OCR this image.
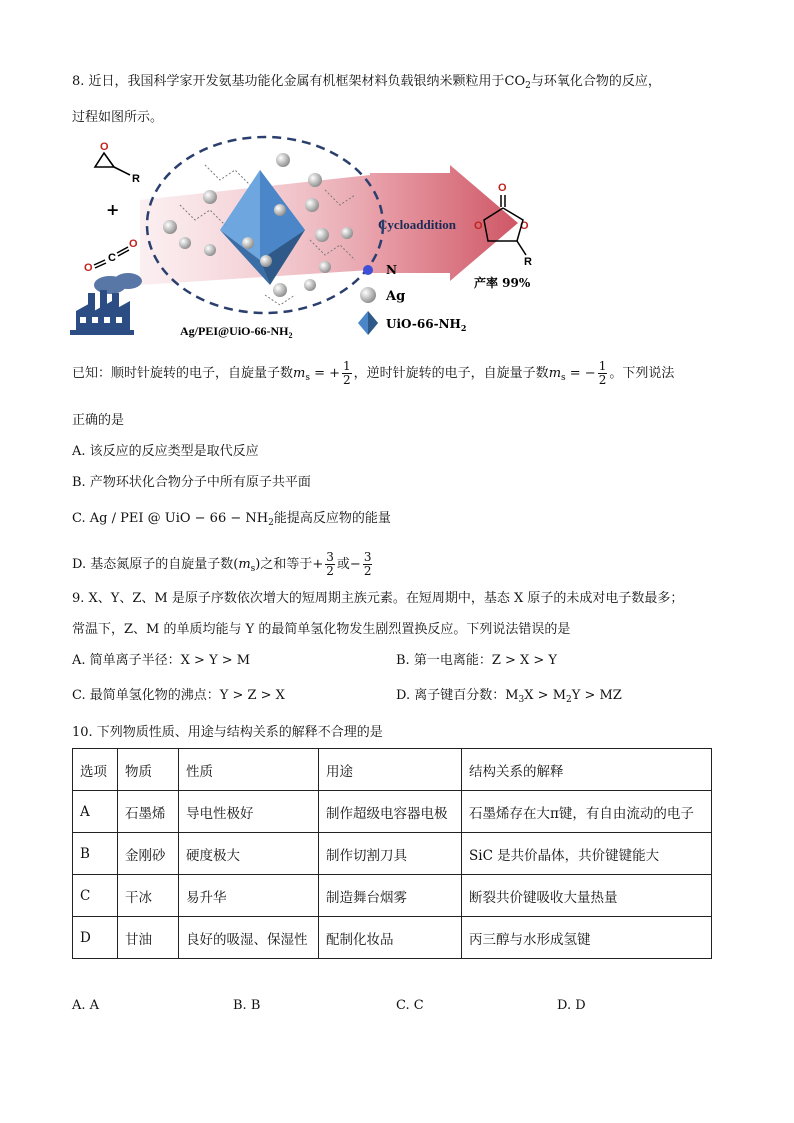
8. 近日，我国科学家开发氨基功能化金属有机框架材料负载银纳米颗粒用于$CO_2$与环氧化合物的反应，
过程如图所示。
Cycloaddition
O
R
+
O
C
O
$Ag/PEI@UiO-66-NH_2$
N
Ag
UiO-$66-NH_2$
O
O	O
R
产率 99%
已知：顺时针旋转的电子，自旋量子数$m_s$ = + $\frac{1}{2}$ ，逆时针旋转的电子，自旋量子数$m_s$ = − $\frac{1}{2}$ 。下列说法
正确的是
A. 该反应的反应类型是取代反应
B. 产物环状化合物分子中所有原子共平面
C. Ag / PEI @ UiO − $66 - NH_2$能提高反应物的能量
D. 基态氮原子的自旋量子数$(m_s)$之和等于+ $\frac{3}{2}$ 或− $\frac{3}{2}$
9. X、Y、Z、M 是原子序数依次增大的短周期主族元素。在短周期中，基态 X 原子的未成对电子数最多；
常温下，Z、M 的单质均能与 Y 的最简单氢化物发生剧烈置换反应。下列说法错误的是
A. 简单离子半径：X > Y > M	B. 第一电离能：Z > X > Y
C. 最简单氢化物的沸点：Y > Z > X	D. 离子键百分数：$M_3X > M_2Y$ > MZ
10. 下列物质性质、用途与结构关系的解释不合理的是
选项	物质	性质	用途	结构关系的解释
A	石墨烯	导电性极好	制作超级电容器电极	石墨烯存在大π键，有自由流动的电子
B	金刚砂	硬度极大	制作切割刀具	SiC 是共价晶体，共价键键能大
C	干冰	易升华	制造舞台烟雾	断裂共价键吸收大量热量
D	甘油	良好的吸湿、保湿性	配制化妆品	丙三醇与水形成氢键
A. A	B. B	C. C	D. D
